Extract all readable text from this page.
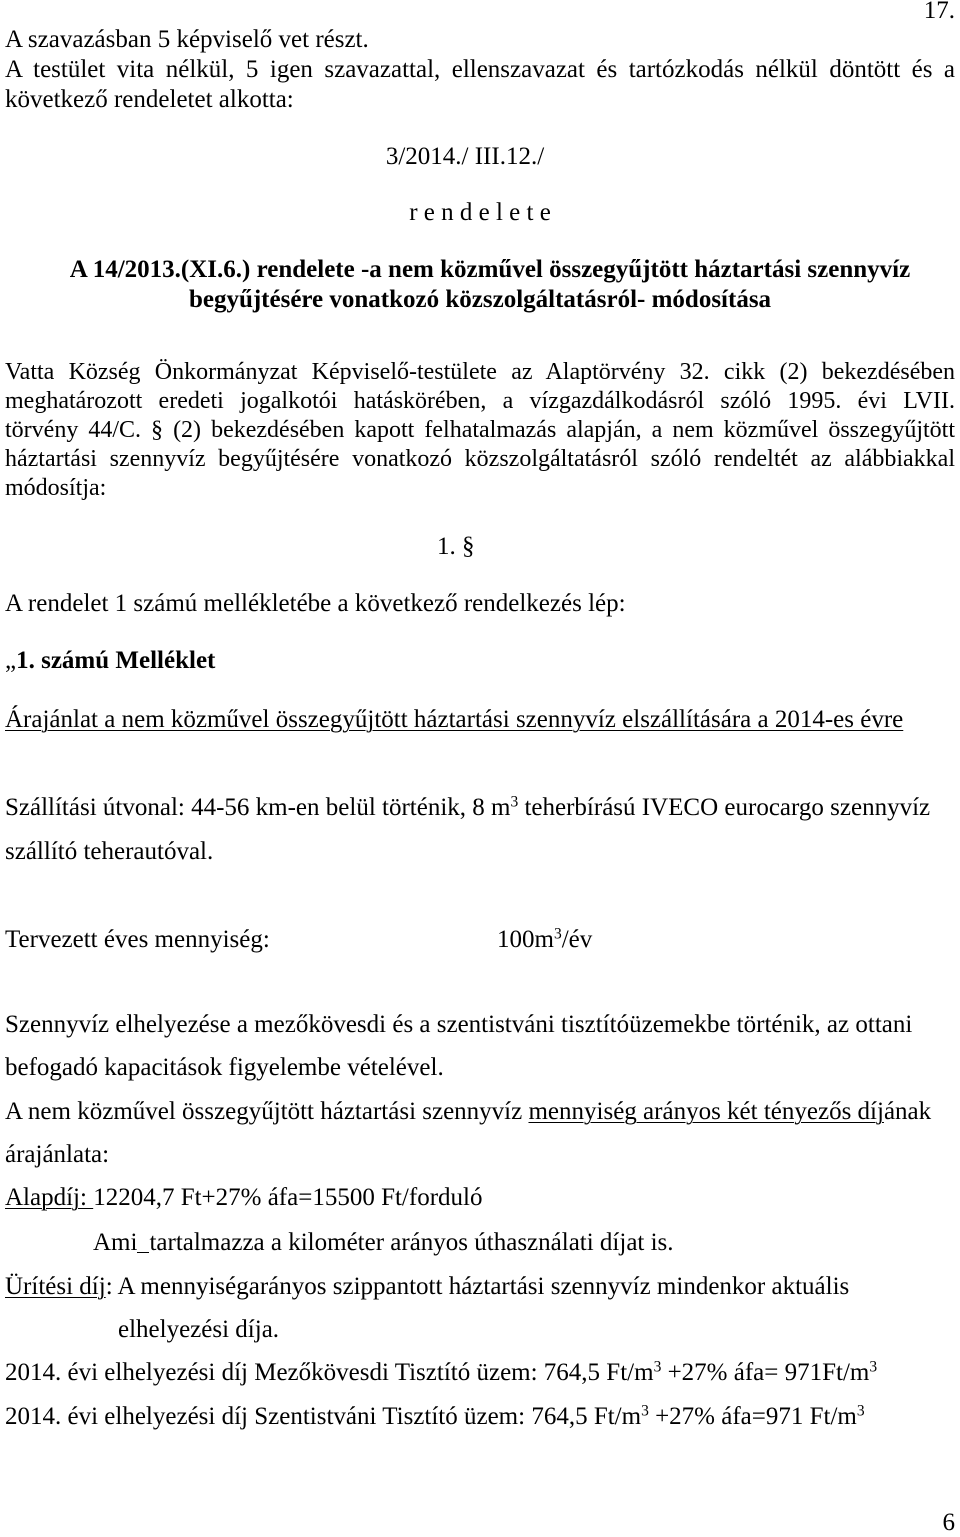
17.
A szavazásban 5 képviselő vet részt.
A testület vita nélkül, 5 igen szavazattal, ellenszavazat és tartózkodás nélkül döntött és a
következő rendeletet alkotta:
3/2014./ III.12./
r e n d e l e t e
A 14/2013.(XI.6.) rendelete -a nem közművel összegyűjtött háztartási szennyvíz
begyűjtésére vonatkozó közszolgáltatásról- módosítása
Vatta Község Önkormányzat Képviselő-testülete az Alaptörvény 32. cikk (2) bekezdésében
meghatározott eredeti jogalkotói hatáskörében, a vízgazdálkodásról szóló 1995. évi LVII.
törvény 44/C. § (2) bekezdésében kapott felhatalmazás alapján, a nem közművel összegyűjtött
háztartási szennyvíz begyűjtésére vonatkozó közszolgáltatásról szóló rendeltét az alábbiakkal
módosítja:
1. §
A rendelet 1 számú mellékletébe a következő rendelkezés lép:
„1. számú Melléklet
Árajánlat a nem közművel összegyűjtött háztartási szennyvíz elszállítására a 2014-es évre
Szállítási útvonal: 44-56 km-en belül történik, 8 $m^3$ teherbírású IVECO eurocargo szennyvíz
szállító teherautóval.
Tervezett éves mennyiség:	$100m^3/év$
Szennyvíz elhelyezése a mezőkövesdi és a szentistváni tisztítóüzemekbe történik, az ottani
befogadó kapacitások figyelembe vételével.
A nem közművel összegyűjtött háztartási szennyvíz mennyiség arányos két tényezős díjának
árajánlata:
Alapdíj: 12204,7 Ft+27% áfa=15500 Ft/forduló
Ami tartalmazza a kilométer arányos úthasználati díjat is.
Ürítési díj: A mennyiségarányos szippantott háztartási szennyvíz mindenkor aktuális
elhelyezési díja.
2014. évi elhelyezési díj Mezőkövesdi Tisztító üzem: 764,5 $Ft/m^3 +27\%$ áfa= $971Ft/m^3$
2014. évi elhelyezési díj Szentistváni Tisztító üzem: 764,5 $Ft/m^3 +27\%$ áfa=971 $Ft/m^3$
6
